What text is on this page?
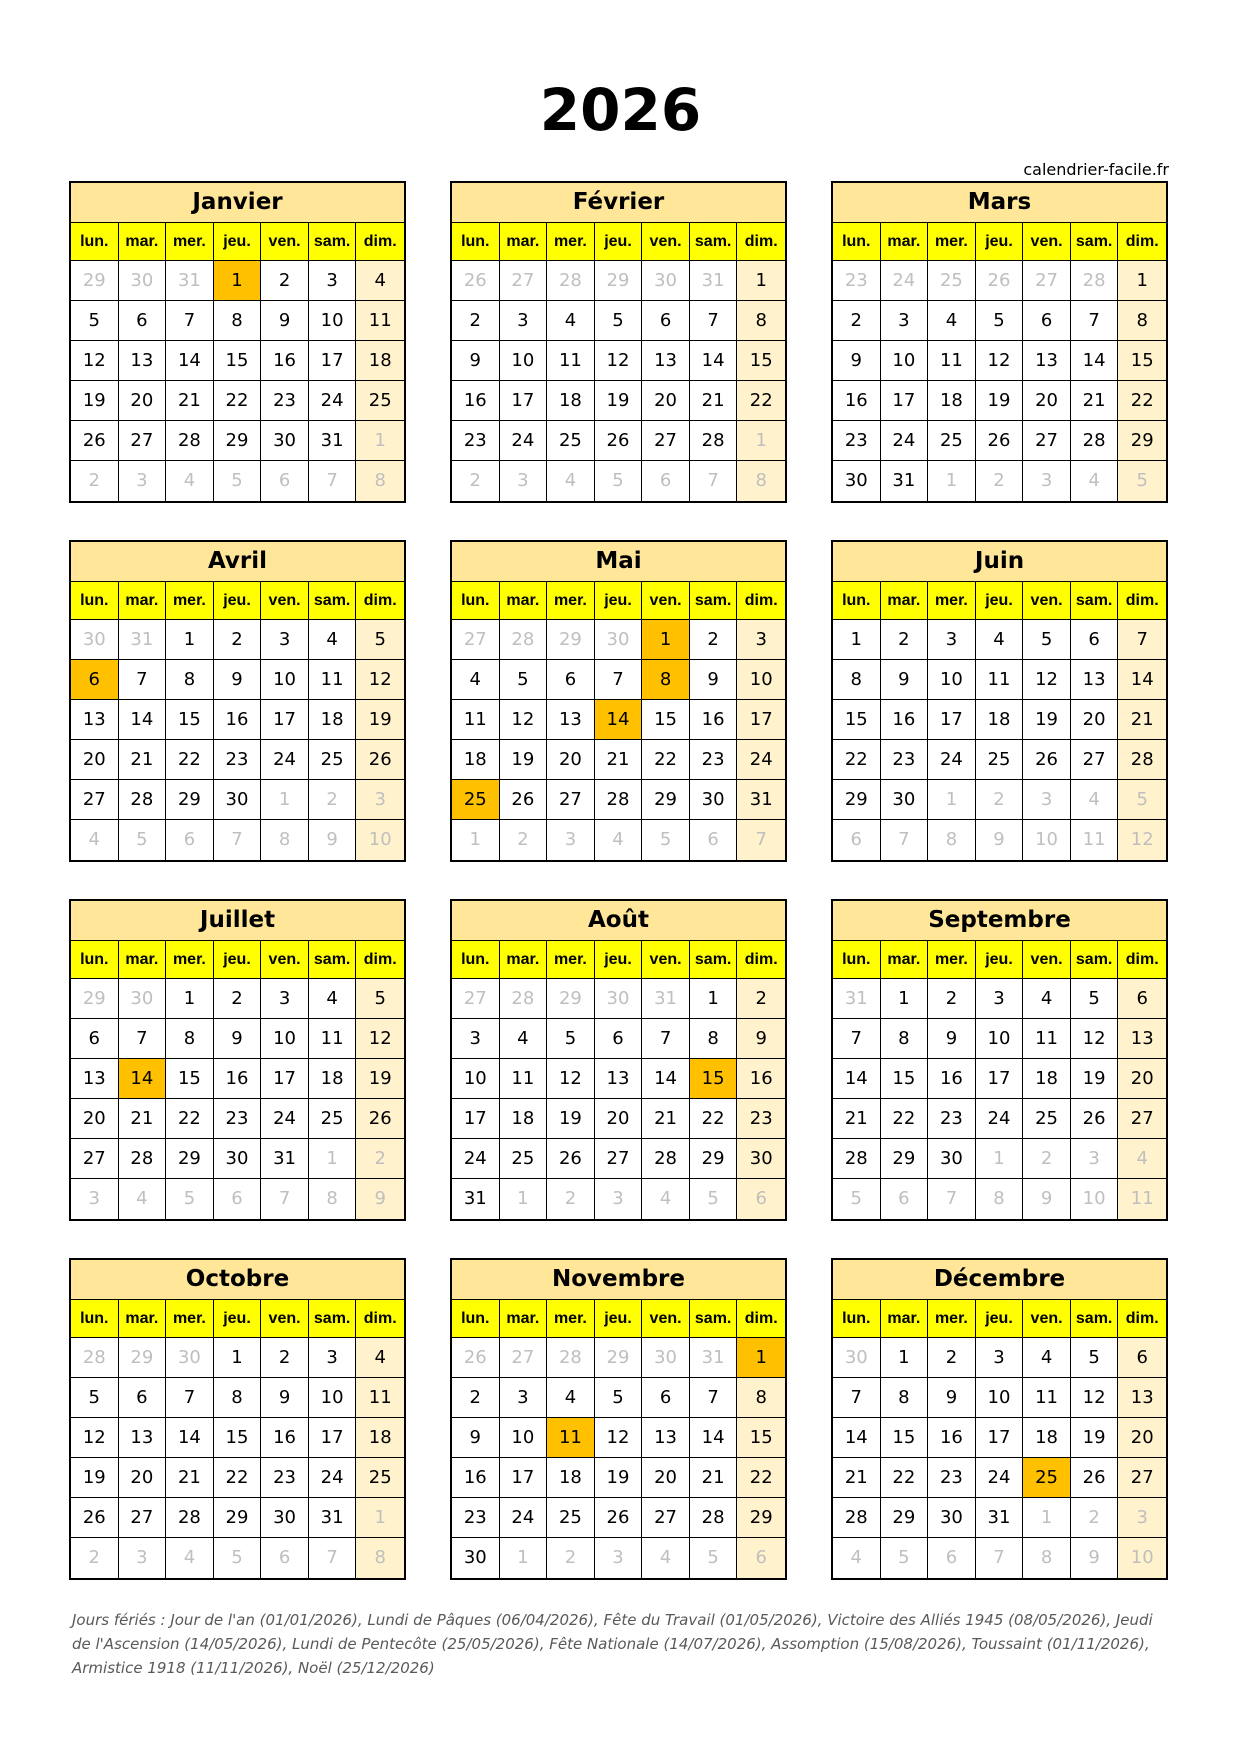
2026
calendrier-facile.fr
Janvier
lun.	mar. mer.	jeu.	ven. sam. dim.
29	30	31	1	2	3	4
5	6	7	8	9	10	11
12	13	14	15	16	17	18
19	20	21	22	23	24	25
26	27	28	29	30	31	1
2	3	4	5	6	7	8
Février
lun.	mar. mer.	jeu.	ven. sam. dim.
26	27	28	29	30	31	1
2	3	4	5	6	7	8
9	10	11	12	13	14	15
16	17	18	19	20	21	22
23	24	25	26	27	28	1
2	3	4	5	6	7	8
Mars
lun.	mar. mer.	jeu.	ven. sam. dim.
23	24	25	26	27	28	1
2	3	4	5	6	7	8
9	10	11	12	13	14	15
16	17	18	19	20	21	22
23	24	25	26	27	28	29
30	31	1	2	3	4	5
Avril
lun.	mar. mer.	jeu.	ven. sam. dim.
30	31	1	2	3	4	5
6	7	8	9	10	11	12
13	14	15	16	17	18	19
20	21	22	23	24	25	26
27	28	29	30	1	2	3
4	5	6	7	8	9	10
Mai
lun.	mar. mer.	jeu.	ven. sam. dim.
27	28	29	30	1	2	3
4	5	6	7	8	9	10
11	12	13	14	15	16	17
18	19	20	21	22	23	24
25	26	27	28	29	30	31
1	2	3	4	5	6	7
Juin
lun.	mar. mer.	jeu.	ven. sam. dim.
1	2	3	4	5	6	7
8	9	10	11	12	13	14
15	16	17	18	19	20	21
22	23	24	25	26	27	28
29	30	1	2	3	4	5
6	7	8	9	10	11	12
Juillet
lun.	mar. mer.	jeu.	ven. sam. dim.
29	30	1	2	3	4	5
6	7	8	9	10	11	12
13	14	15	16	17	18	19
20	21	22	23	24	25	26
27	28	29	30	31	1	2
3	4	5	6	7	8	9
Août
lun.	mar. mer.	jeu.	ven. sam. dim.
27	28	29	30	31	1	2
3	4	5	6	7	8	9
10	11	12	13	14	15	16
17	18	19	20	21	22	23
24	25	26	27	28	29	30
31	1	2	3	4	5	6
Septembre
lun.	mar. mer.	jeu.	ven. sam. dim.
31	1	2	3	4	5	6
7	8	9	10	11	12	13
14	15	16	17	18	19	20
21	22	23	24	25	26	27
28	29	30	1	2	3	4
5	6	7	8	9	10	11
Octobre
lun.	mar. mer.	jeu.	ven. sam. dim.
28	29	30	1	2	3	4
5	6	7	8	9	10	11
12	13	14	15	16	17	18
19	20	21	22	23	24	25
26	27	28	29	30	31	1
2	3	4	5	6	7	8
Novembre
lun.	mar. mer.	jeu.	ven. sam. dim.
26	27	28	29	30	31	1
2	3	4	5	6	7	8
9	10	11	12	13	14	15
16	17	18	19	20	21	22
23	24	25	26	27	28	29
30	1	2	3	4	5	6
Décembre
lun.	mar. mer.	jeu.	ven. sam. dim.
30	1	2	3	4	5	6
7	8	9	10	11	12	13
14	15	16	17	18	19	20
21	22	23	24	25	26	27
28	29	30	31	1	2	3
4	5	6	7	8	9	10
Jours fériés : Jour de l'an (01/01/2026), Lundi de Pâques (06/04/2026), Fête du Travail (01/05/2026), Victoire des Alliés 1945 (08/05/2026), Jeudi de l'Ascension (14/05/2026), Lundi de Pentecôte (25/05/2026), Fête Nationale (14/07/2026), Assomption (15/08/2026), Toussaint (01/11/2026), Armistice 1918 (11/11/2026), Noël (25/12/2026)
